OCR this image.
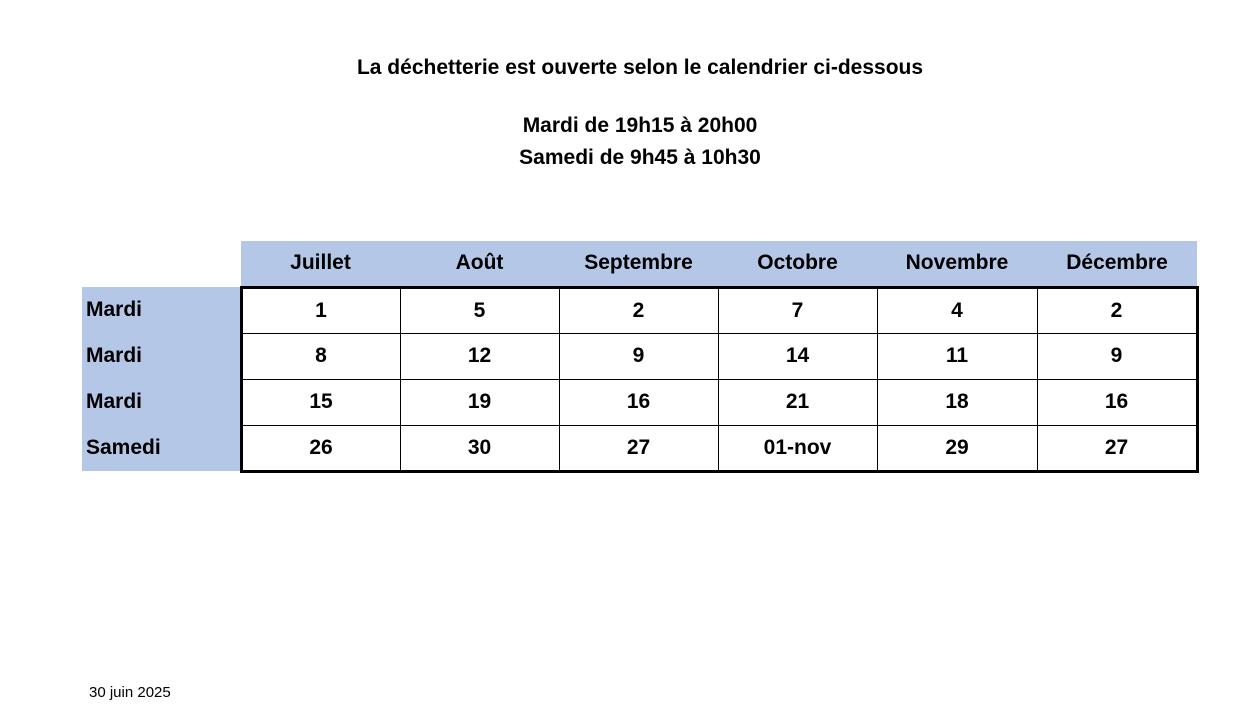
La déchetterie est ouverte selon le calendrier ci-dessous
Mardi de 19h15 à 20h00
Samedi de 9h45 à 10h30
	Juillet	Août	Septembre	Octobre	Novembre	Décembre
Mardi	1	5	2	7	4	2
Mardi	8	12	9	14	11	9
Mardi	15	19	16	21	18	16
Samedi	26	30	27	01-nov	29	27
30 juin 2025
